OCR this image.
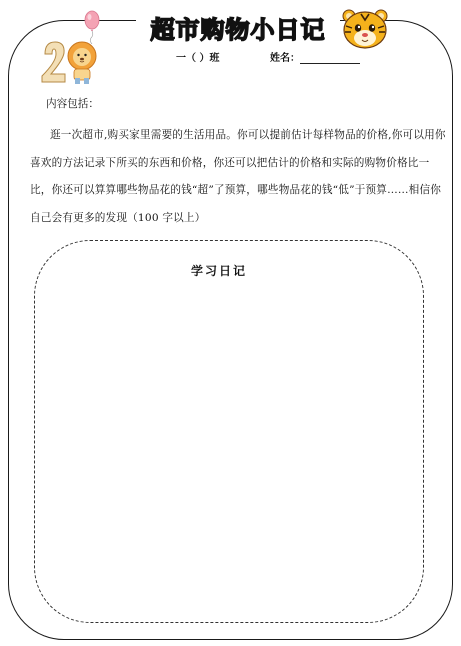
超市购物小日记
一（ ）班	姓名：
内容包括：
逛一次超市,购买家里需要的生活用品。你可以提前估计每样物品的价格,你可以用你喜欢的方法记录下所买的东西和价格，你还可以把估计的价格和实际的购物价格比一比，你还可以算算哪些物品花的钱“超”了预算，哪些物品花的钱“低”于预算……相信你自己会有更多的发现（100 字以上）
学习日记
